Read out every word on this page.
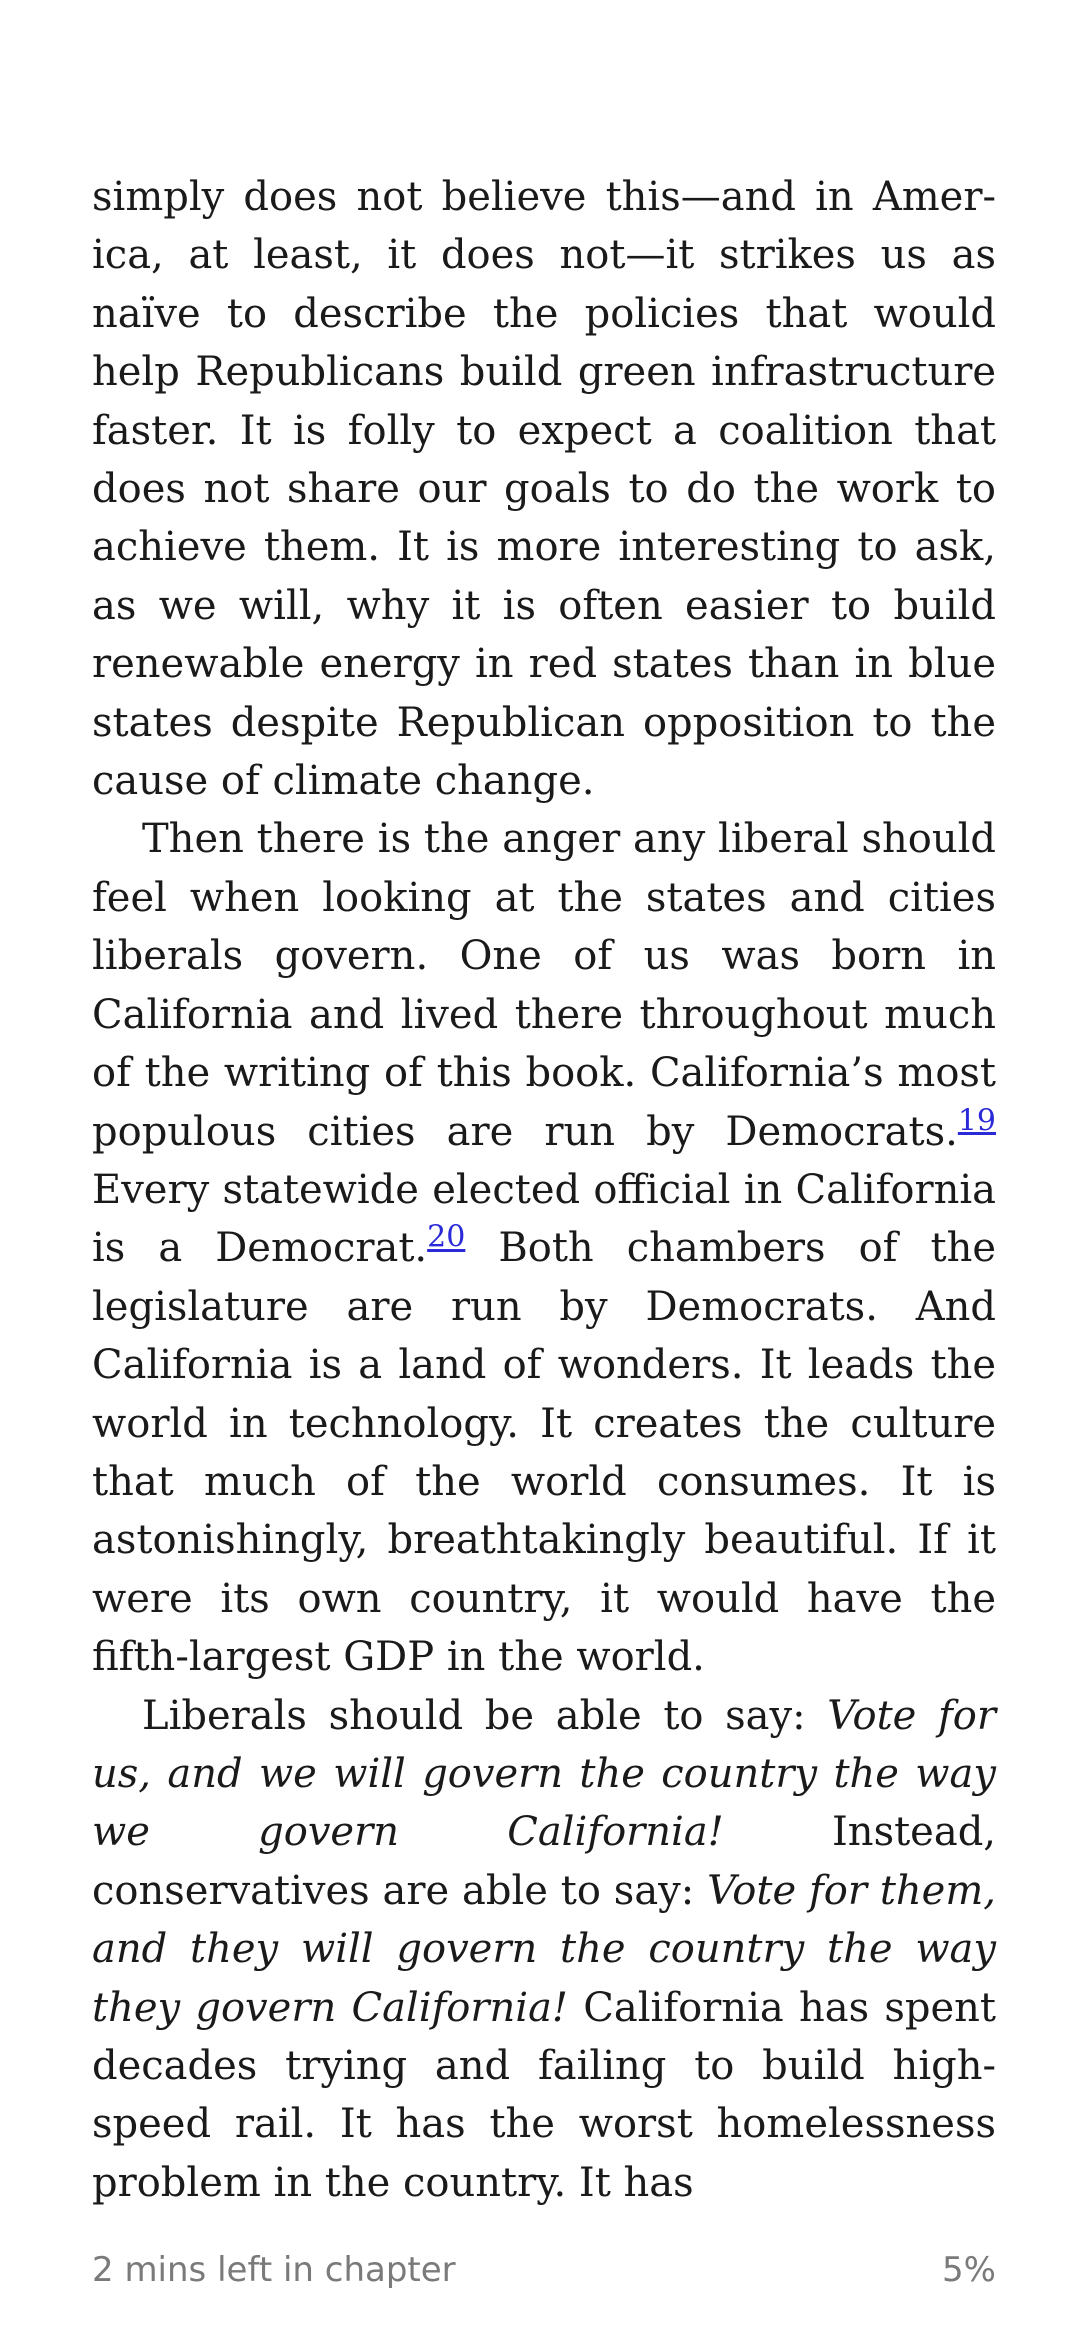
simply does not believe this—and in America, at least, it does not—it strikes us as naïve to describe the policies that would help Republicans build green infrastructure faster. It is folly to expect a coalition that does not share our goals to do the work to achieve them. It is more interesting to ask, as we will, why it is often easier to build renewable energy in red states than in blue states despite Republican opposition to the cause of climate change.

Then there is the anger any liberal should feel when looking at the states and cities liberals govern. One of us was born in California and lived there throughout much of the writing of this book. California’s most populous cities are run by Democrats.$^{19}$ Every statewide elected official in California is a Democrat.$^{20}$ Both chambers of the legislature are run by Democrats. And California is a land of wonders. It leads the world in technology. It creates the culture that much of the world consumes. It is astonishingly, breathtakingly beautiful. If it were its own country, it would have the fifth-largest GDP in the world.

Liberals should be able to say: Vote for us, and we will govern the country the way we govern California! Instead, conservatives are able to say: Vote for them, and they will govern the country the way they govern California! California has spent decades trying and failing to build high-speed rail. It has the worst homelessness problem in the country. It has

2 mins left in chapter	5%
